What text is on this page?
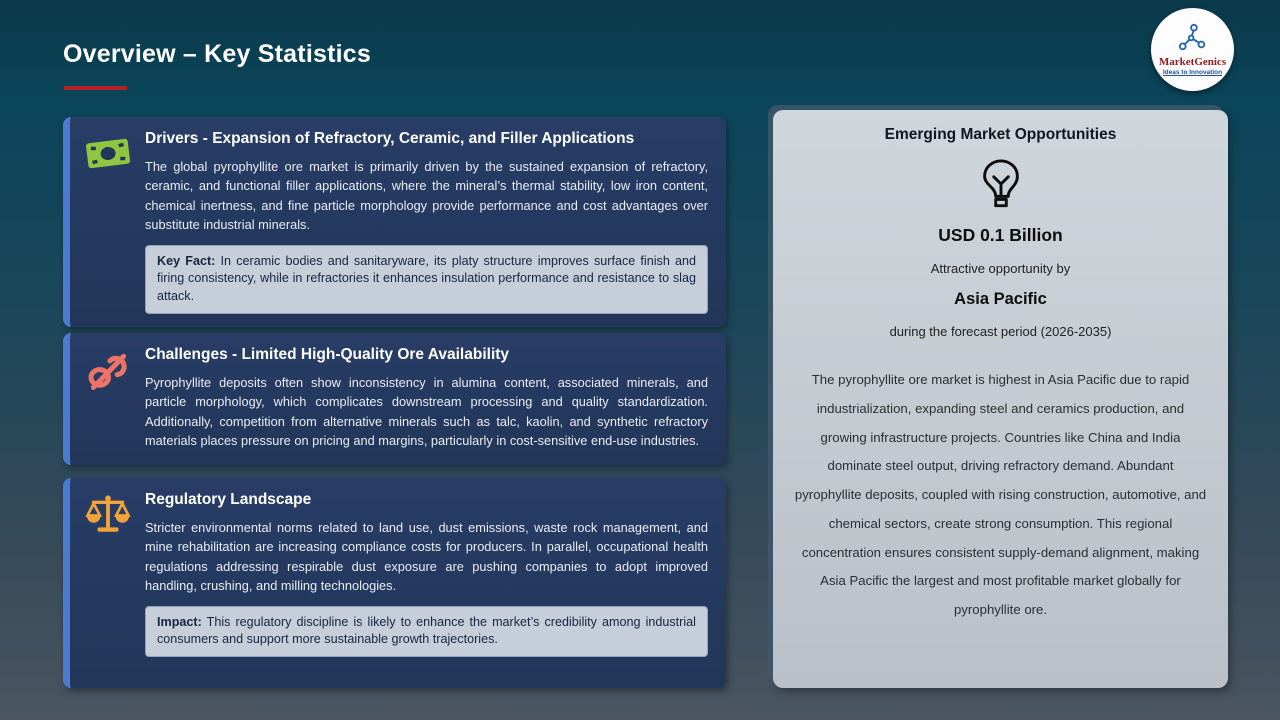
Overview – Key Statistics	MarketGenics
Ideas to Innovation
Drivers - Expansion of Refractory, Ceramic, and Filler Applications
The global pyrophyllite ore market is primarily driven by the sustained expansion of refractory, ceramic, and functional filler applications, where the mineral’s thermal stability, low iron content, chemical inertness, and fine particle morphology provide performance and cost advantages over substitute industrial minerals.
Key Fact: In ceramic bodies and sanitaryware, its platy structure improves surface finish and firing consistency, while in refractories it enhances insulation performance and resistance to slag attack.
Challenges - Limited High-Quality Ore Availability
Pyrophyllite deposits often show inconsistency in alumina content, associated minerals, and particle morphology, which complicates downstream processing and quality standardization. Additionally, competition from alternative minerals such as talc, kaolin, and synthetic refractory materials places pressure on pricing and margins, particularly in cost-sensitive end-use industries.
Regulatory Landscape
Stricter environmental norms related to land use, dust emissions, waste rock management, and mine rehabilitation are increasing compliance costs for producers. In parallel, occupational health regulations addressing respirable dust exposure are pushing companies to adopt improved handling, crushing, and milling technologies.
Impact: This regulatory discipline is likely to enhance the market’s credibility among industrial consumers and support more sustainable growth trajectories.
Emerging Market Opportunities
USD 0.1 Billion
Attractive opportunity by
Asia Pacific
during the forecast period (2026-2035)
The pyrophyllite ore market is highest in Asia Pacific due to rapid industrialization, expanding steel and ceramics production, and growing infrastructure projects. Countries like China and India dominate steel output, driving refractory demand. Abundant pyrophyllite deposits, coupled with rising construction, automotive, and chemical sectors, create strong consumption. This regional concentration ensures consistent supply-demand alignment, making Asia Pacific the largest and most profitable market globally for pyrophyllite ore.
